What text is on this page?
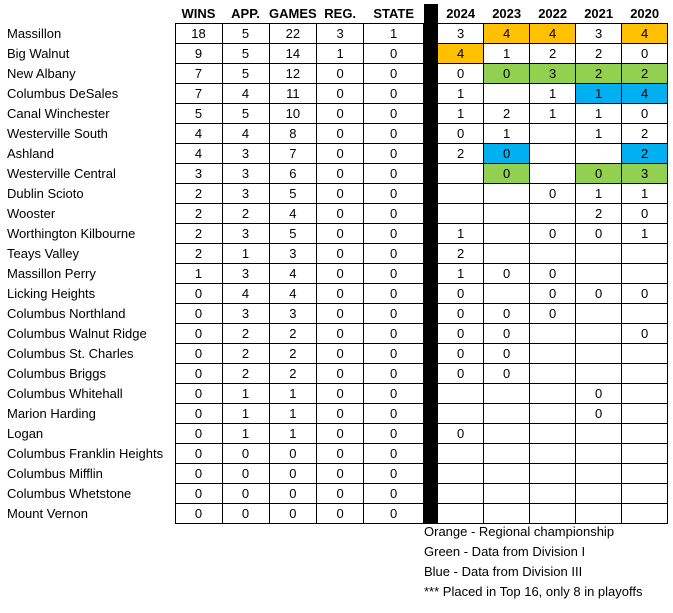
	WINS	APP.	GAMES	REG.	STATE		2024	2023	2022	2021	2020
Massillon	18	5	22	3	1		3	4	4	3	4
Big Walnut	9	5	14	1	0		4	1	2	2	0
New Albany	7	5	12	0	0		0	0	3	2	2
Columbus DeSales	7	4	11	0	0		1		1	1	4
Canal Winchester	5	5	10	0	0		1	2	1	1	0
Westerville South	4	4	8	0	0		0	1		1	2
Ashland	4	3	7	0	0		2	0			2
Westerville Central	3	3	6	0	0			0		0	3
Dublin Scioto	2	3	5	0	0				0	1	1
Wooster	2	2	4	0	0					2	0
Worthington Kilbourne	2	3	5	0	0		1		0	0	1
Teays Valley	2	1	3	0	0		2				
Massillon Perry	1	3	4	0	0		1	0	0		
Licking Heights	0	4	4	0	0		0		0	0	0
Columbus Northland	0	3	3	0	0		0	0	0		
Columbus Walnut Ridge	0	2	2	0	0		0	0			0
Columbus St. Charles	0	2	2	0	0		0	0			
Columbus Briggs	0	2	2	0	0		0	0			
Columbus Whitehall	0	1	1	0	0					0	
Marion Harding	0	1	1	0	0					0	
Logan	0	1	1	0	0		0				
Columbus Franklin Heights	0	0	0	0	0						
Columbus Mifflin	0	0	0	0	0						
Columbus Whetstone	0	0	0	0	0						
Mount Vernon	0	0	0	0	0						
Orange - Regional championship
Green - Data from Division I
Blue - Data from Division III
*** Placed in Top 16, only 8 in playoffs
